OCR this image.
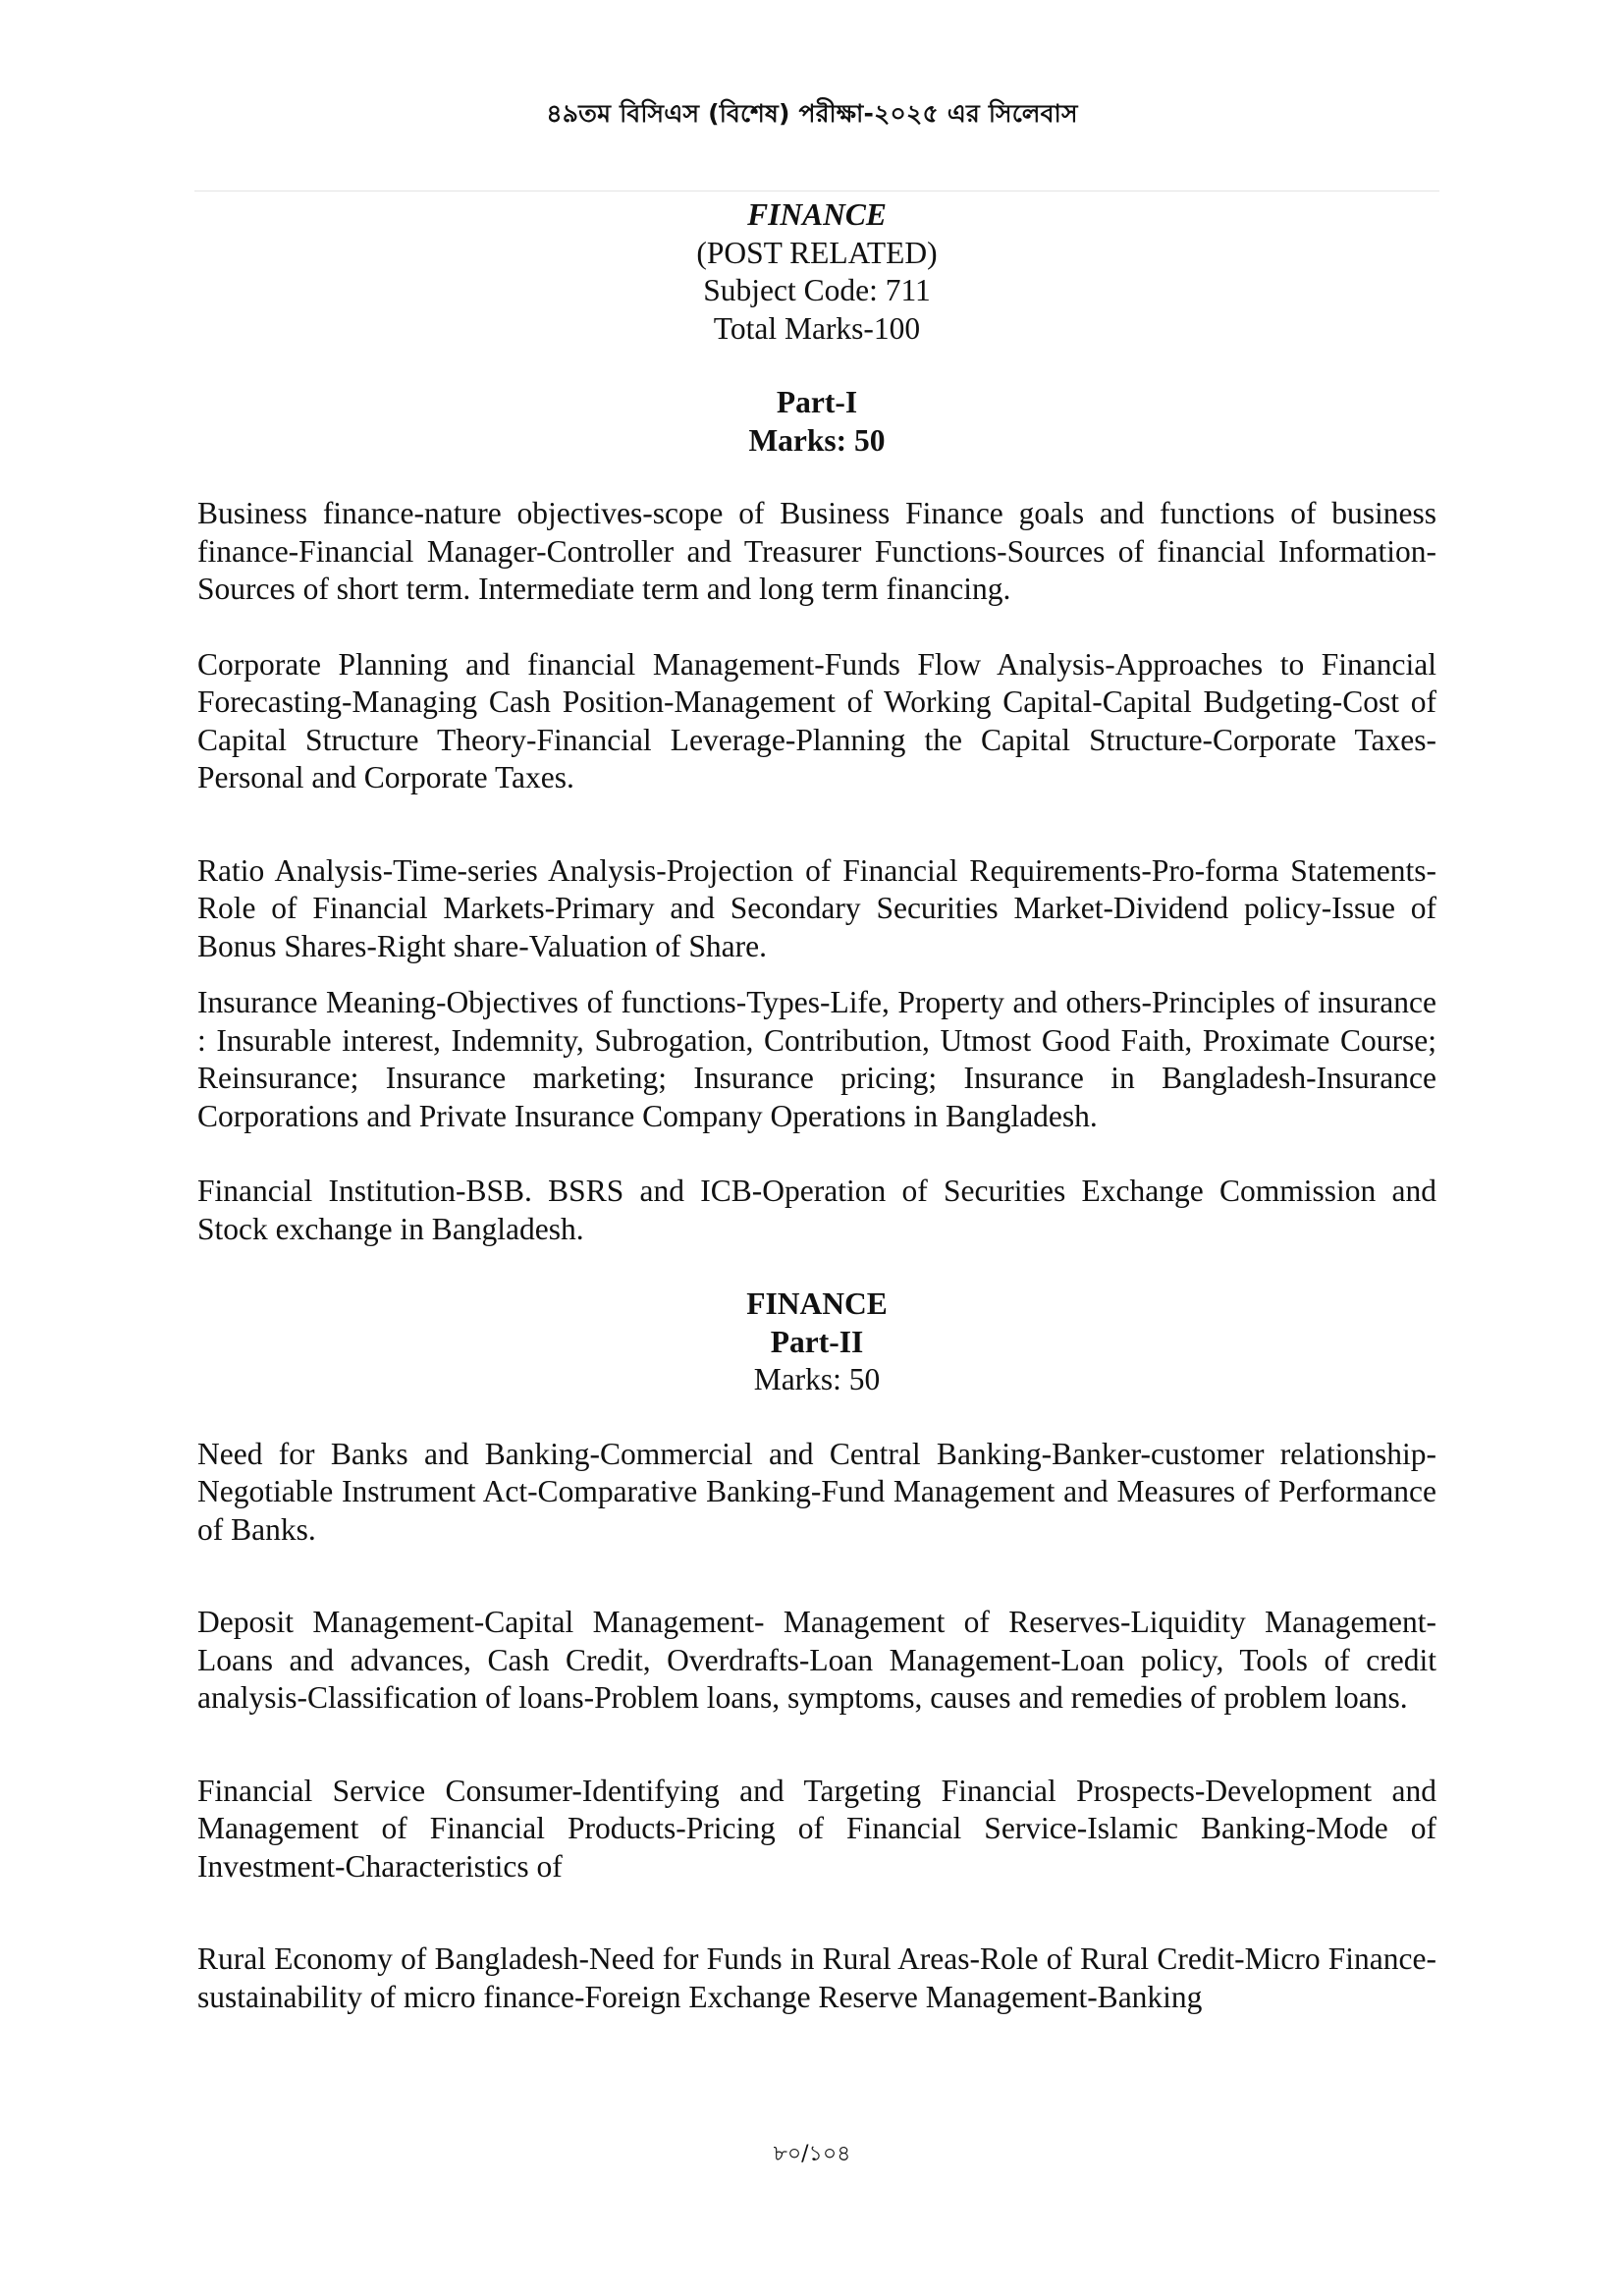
৪৯তম বিসিএস (বিশেষ) পরীক্ষা-২০২৫ এর সিলেবাস
FINANCE
(POST RELATED)
Subject Code: 711
Total Marks-100
Part-I
Marks: 50

Business finance-nature objectives-scope of Business Finance goals and functions of business finance-Financial Manager-Controller and Treasurer Functions-Sources of financial Information-Sources of short term. Intermediate term and long term financing.

Corporate Planning and financial Management-Funds Flow Analysis-Approaches to Financial Forecasting-Managing Cash Position-Management of Working Capital-Capital Budgeting-Cost of Capital Structure Theory-Financial Leverage-Planning the Capital Structure-Corporate Taxes-Personal and Corporate Taxes.

Ratio Analysis-Time-series Analysis-Projection of Financial Requirements-Pro-forma Statements-Role of Financial Markets-Primary and Secondary Securities Market-Dividend policy-Issue of Bonus Shares-Right share-Valuation of Share.

Insurance Meaning-Objectives of functions-Types-Life, Property and others-Principles of insurance : Insurable interest, Indemnity, Subrogation, Contribution, Utmost Good Faith, Proximate Course; Reinsurance; Insurance marketing; Insurance pricing; Insurance in Bangladesh-Insurance Corporations and Private Insurance Company Operations in Bangladesh.

Financial Institution-BSB. BSRS and ICB-Operation of Securities Exchange Commission and Stock exchange in Bangladesh.

FINANCE
Part-II
Marks: 50

Need for Banks and Banking-Commercial and Central Banking-Banker-customer relationship-Negotiable Instrument Act-Comparative Banking-Fund Management and Measures of Performance of Banks.

Deposit Management-Capital Management- Management of Reserves-Liquidity Management-Loans and advances, Cash Credit, Overdrafts-Loan Management-Loan policy, Tools of credit analysis-Classification of loans-Problem loans, symptoms, causes and remedies of problem loans.

Financial Service Consumer-Identifying and Targeting Financial Prospects-Development and Management of Financial Products-Pricing of Financial Service-Islamic Banking-Mode of Investment-Characteristics of

Rural Economy of Bangladesh-Need for Funds in Rural Areas-Role of Rural Credit-Micro Finance-sustainability of micro finance-Foreign Exchange Reserve Management-Banking

৮০/১০৪
